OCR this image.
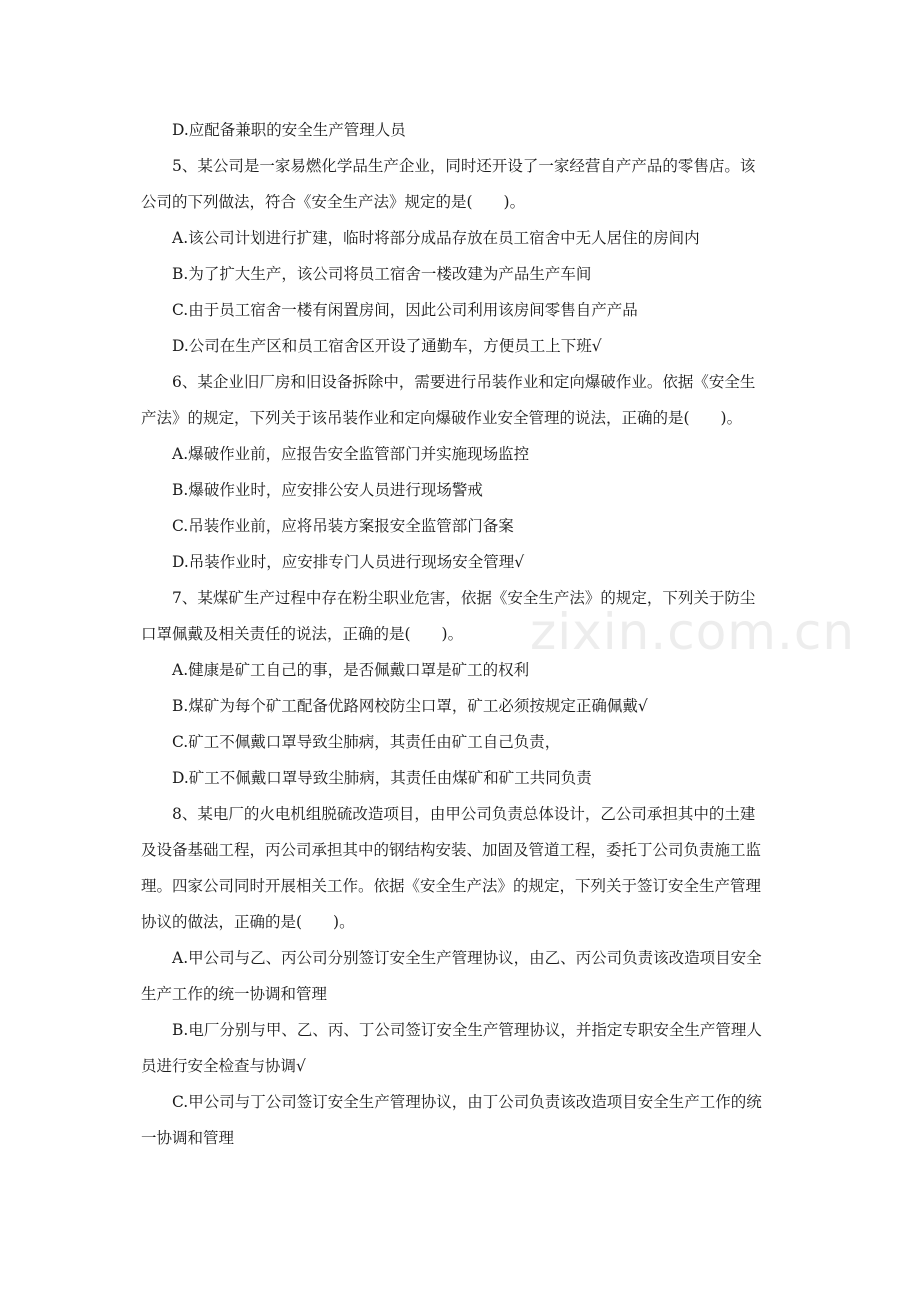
zixin.com.cn

D.应配备兼职的安全生产管理人员

5、某公司是一家易燃化学品生产企业，同时还开设了一家经营自产产品的零售店。该

公司的下列做法，符合《安全生产法》规定的是(　　)。

A.该公司计划进行扩建，临时将部分成品存放在员工宿舍中无人居住的房间内

B.为了扩大生产，该公司将员工宿舍一楼改建为产品生产车间

C.由于员工宿舍一楼有闲置房间，因此公司利用该房间零售自产产品

D.公司在生产区和员工宿舍区开设了通勤车，方便员工上下班√

6、某企业旧厂房和旧设备拆除中，需要进行吊装作业和定向爆破作业。依据《安全生

产法》的规定，下列关于该吊装作业和定向爆破作业安全管理的说法，正确的是(　　)。

A.爆破作业前，应报告安全监管部门并实施现场监控

B.爆破作业时，应安排公安人员进行现场警戒

C.吊装作业前，应将吊装方案报安全监管部门备案

D.吊装作业时，应安排专门人员进行现场安全管理√

7、某煤矿生产过程中存在粉尘职业危害，依据《安全生产法》的规定，下列关于防尘

口罩佩戴及相关责任的说法，正确的是(　　)。

A.健康是矿工自己的事，是否佩戴口罩是矿工的权利

B.煤矿为每个矿工配备优路网校防尘口罩，矿工必须按规定正确佩戴√

C.矿工不佩戴口罩导致尘肺病，其责任由矿工自己负责，

D.矿工不佩戴口罩导致尘肺病，其责任由煤矿和矿工共同负责

8、某电厂的火电机组脱硫改造项目，由甲公司负责总体设计，乙公司承担其中的土建

及设备基础工程，丙公司承担其中的钢结构安装、加固及管道工程，委托丁公司负责施工监

理。四家公司同时开展相关工作。依据《安全生产法》的规定，下列关于签订安全生产管理

协议的做法，正确的是(　　)。

A.甲公司与乙、丙公司分别签订安全生产管理协议，由乙、丙公司负责该改造项目安全

生产工作的统一协调和管理

B.电厂分别与甲、乙、丙、丁公司签订安全生产管理协议，并指定专职安全生产管理人

员进行安全检查与协调√

C.甲公司与丁公司签订安全生产管理协议，由丁公司负责该改造项目安全生产工作的统

一协调和管理
